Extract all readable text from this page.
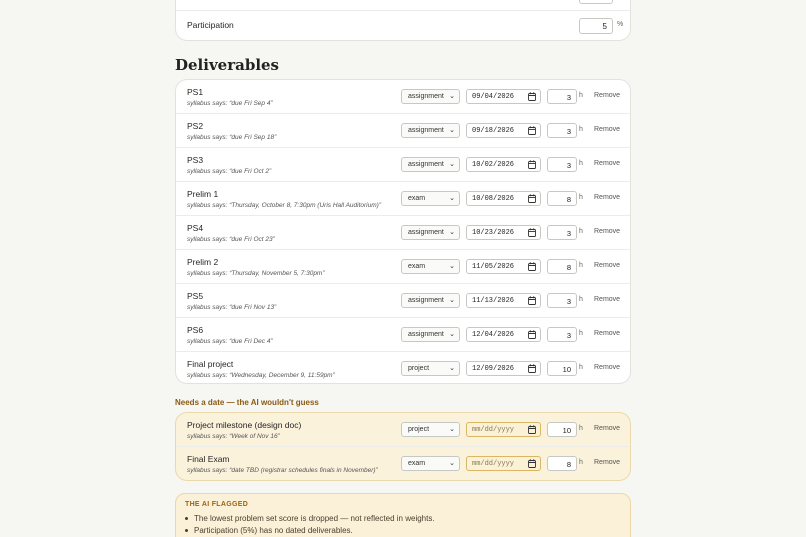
Participation	5	%
Deliverables
PS1
syllabus says: “due Fri Sep 4”
assignment ⌄	09/04/2026	3	h Remove
PS2
syllabus says: “due Fri Sep 18”
assignment ⌄	09/18/2026	3	h Remove
PS3
syllabus says: “due Fri Oct 2”
assignment ⌄	10/02/2026	3	h Remove
Prelim 1
syllabus says: “Thursday, October 8, 7:30pm (Uris Hall Auditorium)”
exam	⌄	10/08/2026	8	h Remove
PS4
syllabus says: “due Fri Oct 23”
assignment ⌄	10/23/2026	3	h Remove
Prelim 2
syllabus says: “Thursday, November 5, 7:30pm”
exam	⌄	11/05/2026	8	h Remove
PS5
syllabus says: “due Fri Nov 13”
assignment ⌄	11/13/2026	3	h Remove
PS6
syllabus says: “due Fri Dec 4”
assignment ⌄	12/04/2026	3	h Remove
Final project
syllabus says: “Wednesday, December 9, 11:59pm”
project	⌄	12/09/2026	10	h Remove
Needs a date — the AI wouldn't guess
Project milestone (design doc)
syllabus says: “Week of Nov 16”
project	⌄	mm/dd/yyyy	10	h Remove
Final Exam
syllabus says: “date TBD (registrar schedules finals in November)”
exam	⌄	mm/dd/yyyy	8	h Remove
THE AI FLAGGED
The lowest problem set score is dropped — not reflected in weights.
Participation (5%) has no dated deliverables.
